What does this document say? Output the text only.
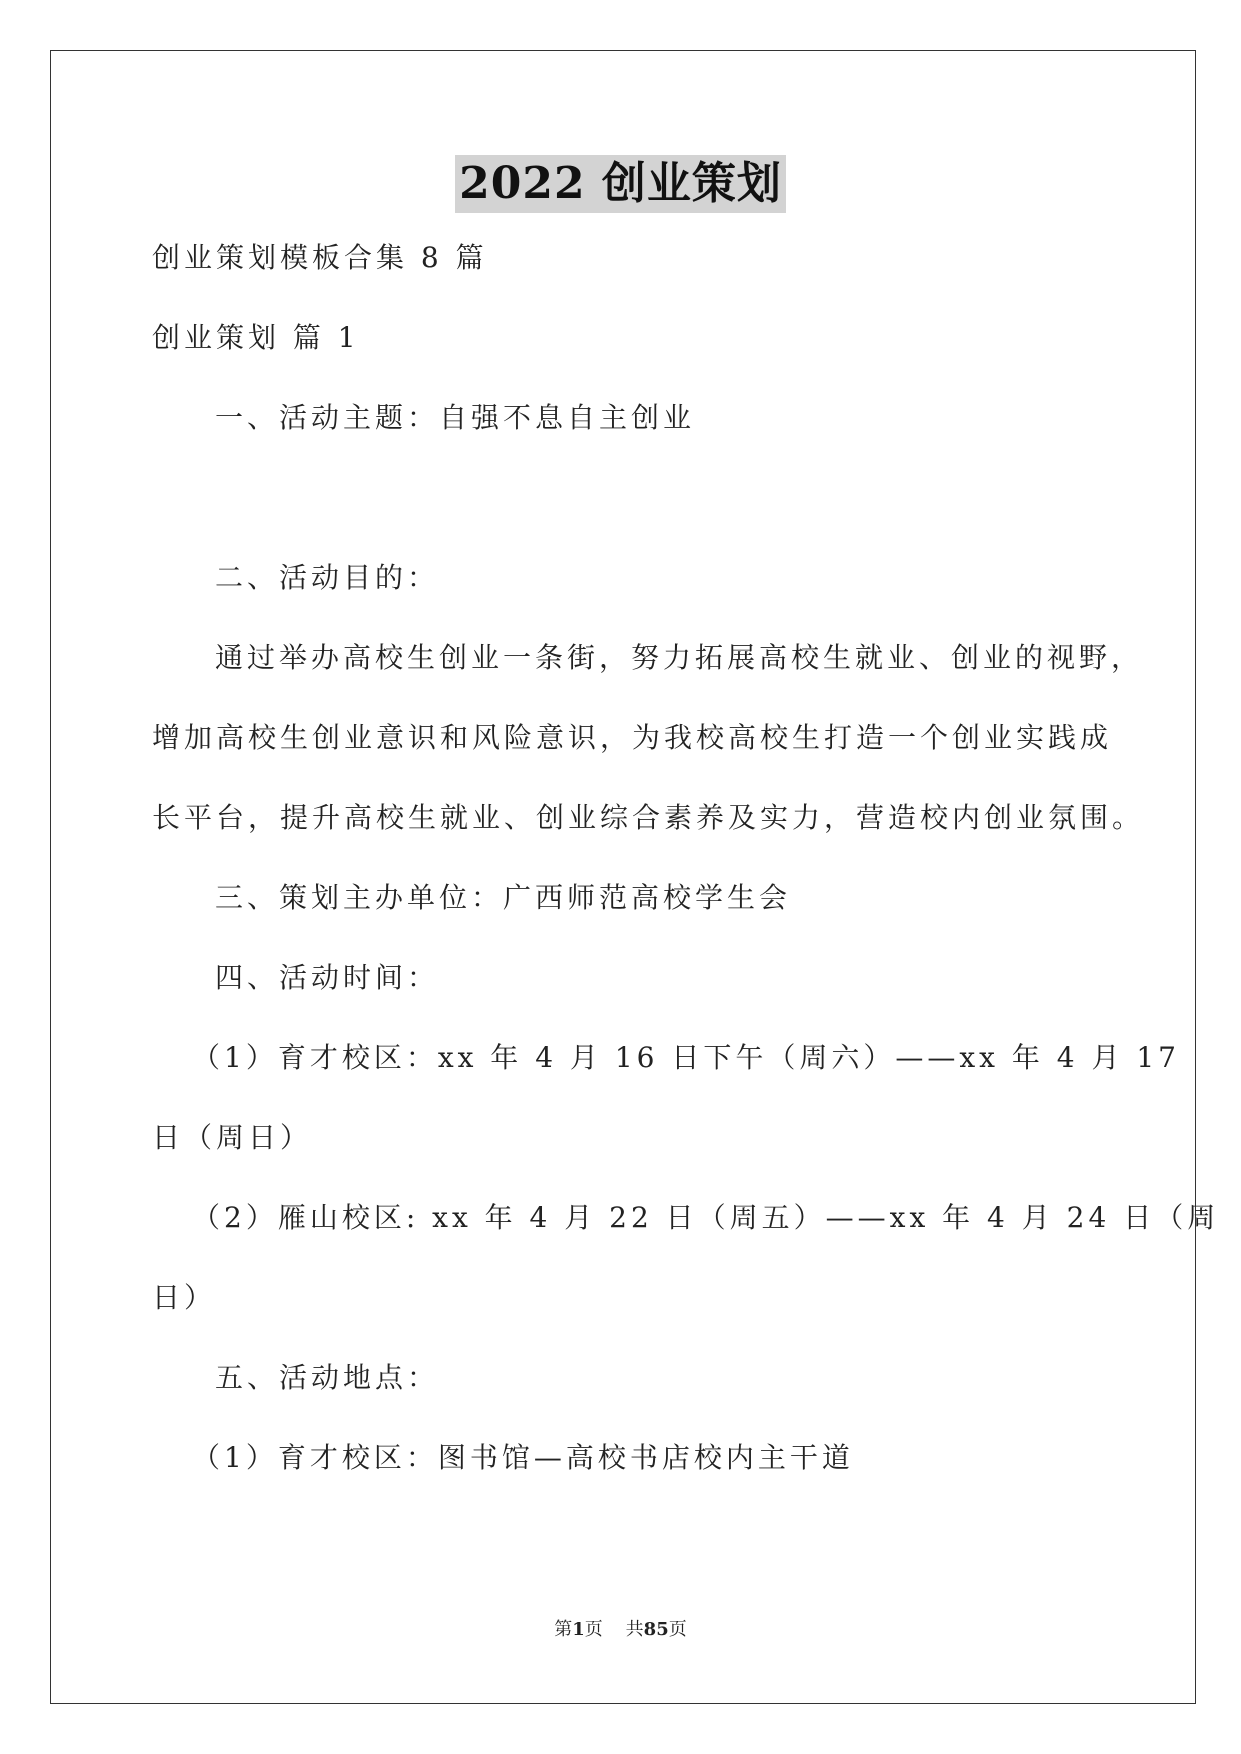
2022 创业策划
创业策划模板合集 8 篇
创业策划 篇 1
一、活动主题：自强不息自主创业
二、活动目的：
通过举办高校生创业一条街，努力拓展高校生就业、创业的视野，
增加高校生创业意识和风险意识，为我校高校生打造一个创业实践成
长平台，提升高校生就业、创业综合素养及实力，营造校内创业氛围。
三、策划主办单位：广西师范高校学生会
四、活动时间：
（1）育才校区：xx 年 4 月 16 日下午（周六）——xx 年 4 月 17
日（周日）
（2）雁山校区: xx 年 4 月 22 日（周五）——xx 年 4 月 24 日（周
日）
五、活动地点：
（1）育才校区：图书馆—高校书店校内主干道
第1页 共85页
